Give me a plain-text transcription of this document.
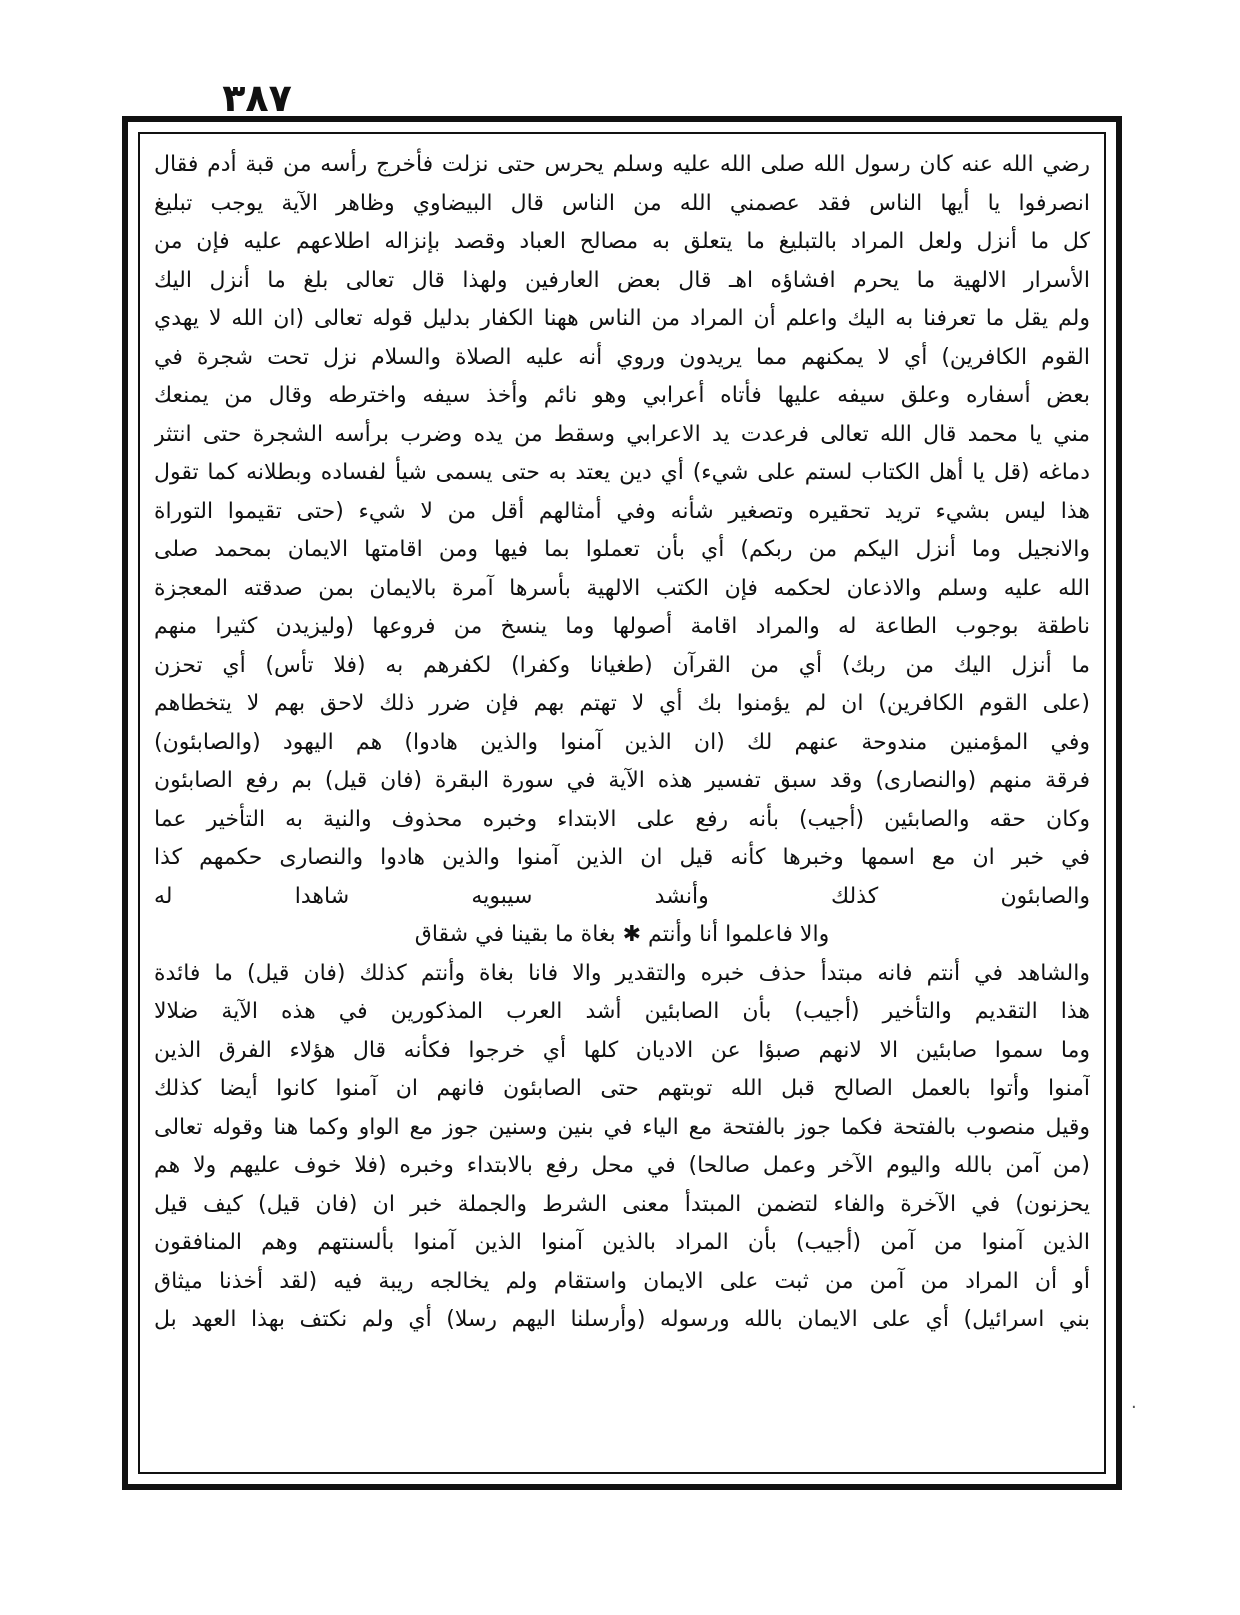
٣٨٧
رضي الله عنه كان رسول الله صلى الله عليه وسلم يحرس حتى نزلت فأخرج رأسه من قبة أدم فقال
انصرفوا يا أيها الناس فقد عصمني الله من الناس قال البيضاوي وظاهر الآية يوجب تبليغ
كل ما أنزل ولعل المراد بالتبليغ ما يتعلق به مصالح العباد وقصد بإنزاله اطلاعهم عليه فإن من
الأسرار الالهية ما يحرم افشاؤه اهـ قال بعض العارفين ولهذا قال تعالى بلغ ما أنزل اليك
ولم يقل ما تعرفنا به اليك واعلم أن المراد من الناس ههنا الكفار بدليل قوله تعالى (ان الله لا يهدي
القوم الكافرين) أي لا يمكنهم مما يريدون وروي أنه عليه الصلاة والسلام نزل تحت شجرة في
بعض أسفاره وعلق سيفه عليها فأتاه أعرابي وهو نائم وأخذ سيفه واخترطه وقال من يمنعك
مني يا محمد قال الله تعالى فرعدت يد الاعرابي وسقط من يده وضرب برأسه الشجرة حتى انتثر
دماغه (قل يا أهل الكتاب لستم على شيء) أي دين يعتد به حتى يسمى شيأ لفساده وبطلانه كما تقول
هذا ليس بشيء تريد تحقيره وتصغير شأنه وفي أمثالهم أقل من لا شيء (حتى تقيموا التوراة
والانجيل وما أنزل اليكم من ربكم) أي بأن تعملوا بما فيها ومن اقامتها الايمان بمحمد صلى
الله عليه وسلم والاذعان لحكمه فإن الكتب الالهية بأسرها آمرة بالايمان بمن صدقته المعجزة
ناطقة بوجوب الطاعة له والمراد اقامة أصولها وما ينسخ من فروعها (وليزيدن كثيرا منهم
ما أنزل اليك من ربك) أي من القرآن (طغيانا وكفرا) لكفرهم به (فلا تأس) أي تحزن
(على القوم الكافرين) ان لم يؤمنوا بك أي لا تهتم بهم فإن ضرر ذلك لاحق بهم لا يتخطاهم
وفي المؤمنين مندوحة عنهم لك (ان الذين آمنوا والذين هادوا) هم اليهود (والصابئون)
فرقة منهم (والنصارى) وقد سبق تفسير هذه الآية في سورة البقرة (فان قيل) بم رفع الصابئون
وكان حقه والصابئين (أجيب) بأنه رفع على الابتداء وخبره محذوف والنية به التأخير عما
في خبر ان مع اسمها وخبرها كأنه قيل ان الذين آمنوا والذين هادوا والنصارى حكمهم كذا
والصابئون كذلك وأنشد سيبويه شاهدا له
والا فاعلموا أنا وأنتم ✱ بغاة ما بقينا في شقاق
والشاهد في أنتم فانه مبتدأ حذف خبره والتقدير والا فانا بغاة وأنتم كذلك (فان قيل) ما فائدة
هذا التقديم والتأخير (أجيب) بأن الصابئين أشد العرب المذكورين في هذه الآية ضلالا
وما سموا صابئين الا لانهم صبؤا عن الاديان كلها أي خرجوا فكأنه قال هؤلاء الفرق الذين
آمنوا وأتوا بالعمل الصالح قبل الله توبتهم حتى الصابئون فانهم ان آمنوا كانوا أيضا كذلك
وقيل منصوب بالفتحة فكما جوز بالفتحة مع الياء في بنين وسنين جوز مع الواو وكما هنا وقوله تعالى
(من آمن بالله واليوم الآخر وعمل صالحا) في محل رفع بالابتداء وخبره (فلا خوف عليهم ولا هم
يحزنون) في الآخرة والفاء لتضمن المبتدأ معنى الشرط والجملة خبر ان (فان قيل) كيف قيل
الذين آمنوا من آمن (أجيب) بأن المراد بالذين آمنوا الذين آمنوا بألسنتهم وهم المنافقون
أو أن المراد من آمن من ثبت على الايمان واستقام ولم يخالجه ريبة فيه (لقد أخذنا ميثاق
بني اسرائيل) أي على الايمان بالله ورسوله (وأرسلنا اليهم رسلا) أي ولم نكتف بهذا العهد بل
·
